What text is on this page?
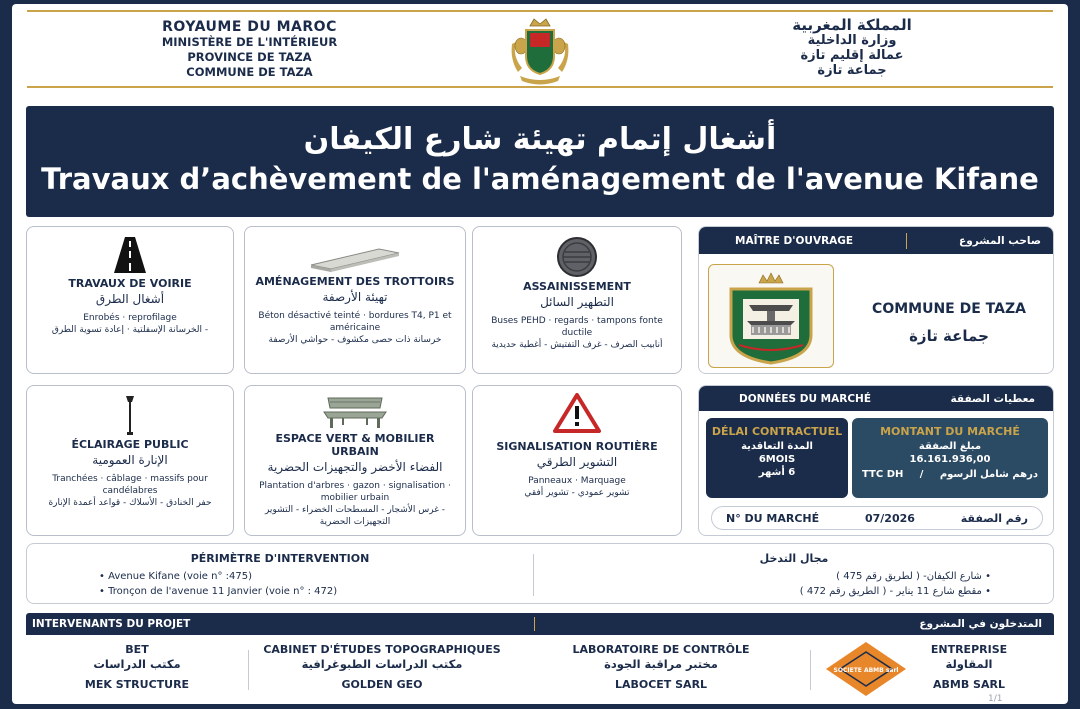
ROYAUME DU MAROC
MINISTÈRE DE L'INTÉRIEUR
PROVINCE DE TAZA
COMMUNE DE TAZA
المملكة المغربية
وزارة الداخلية
عمالة إقليم تازة
جماعة تازة
أشغال إتمام تهيئة شارع الكيفان
Travaux d’achèvement de l'aménagement de l'avenue Kifane
TRAVAUX DE VOIRIE
أشغال الطرق
Enrobés · reprofilage
- الخرسانة الإسفلتية · إعادة تسوية الطرق
AMÉNAGEMENT DES TROTTOIRS
تهيئة الأرصفة
Béton désactivé teinté · bordures T4, P1 et américaine
خرسانة ذات حصى مكشوف - حواشي الأرصفة
ASSAINISSEMENT
التطهير السائل
Buses PEHD · regards · tampons fonte ductile
أنابيب الصرف - غرف التفتيش - أغطية حديدية
ÉCLAIRAGE PUBLIC
الإنارة العمومية
Tranchées · câblage · massifs pour candélabres
حفر الخنادق - الأسلاك - قواعد أعمدة الإنارة
ESPACE VERT & MOBILIER URBAIN
الفضاء الأخضر والتجهيزات الحضرية
Plantation d'arbres · gazon · signalisation · mobilier urbain
- غرس الأشجار - المسطحات الخضراء - التشوير التجهيزات الحضرية
SIGNALISATION ROUTIÈRE
التشوير الطرقي
Panneaux · Marquage
تشوير عمودي - تشوير أفقي
MAÎTRE D'OUVRAGE	صاحب المشروع
COMMUNE DE TAZA
جماعة تازة
DONNÉES DU MARCHÉ	معطيات الصفقة
DÉLAI CONTRACTUEL
المدة التعاقدية
6MOIS
6 أشهر
MONTANT DU MARCHÉ
مبلغ الصفقة
16.161.936,00
TTC DH / درهم شامل الرسوم
N° DU MARCHÉ	07/2026	رقم الصفقة
PÉRIMÈTRE D'INTERVENTION
• Avenue Kifane (voie n° :475)
• Tronçon de l'avenue 11 Janvier (voie n° : 472)
مجال التدخل
• شارع الكيفان- ( لطريق رقم 475 )
• مقطع شارع 11 يناير - ( الطريق رقم 472 )
INTERVENANTS DU PROJET	المتدخلون في المشروع
BET
مكتب الدراسات
MEK STRUCTURE
CABINET D'ÉTUDES TOPOGRAPHIQUES
مكتب الدراسات الطبوغرافية
GOLDEN GEO
LABORATOIRE DE CONTRÔLE
مختبر مراقبة الجودة
LABOCET SARL
SOCIETE ABMB sarl
ENTREPRISE
المقاولة
ABMB SARL
1/1
